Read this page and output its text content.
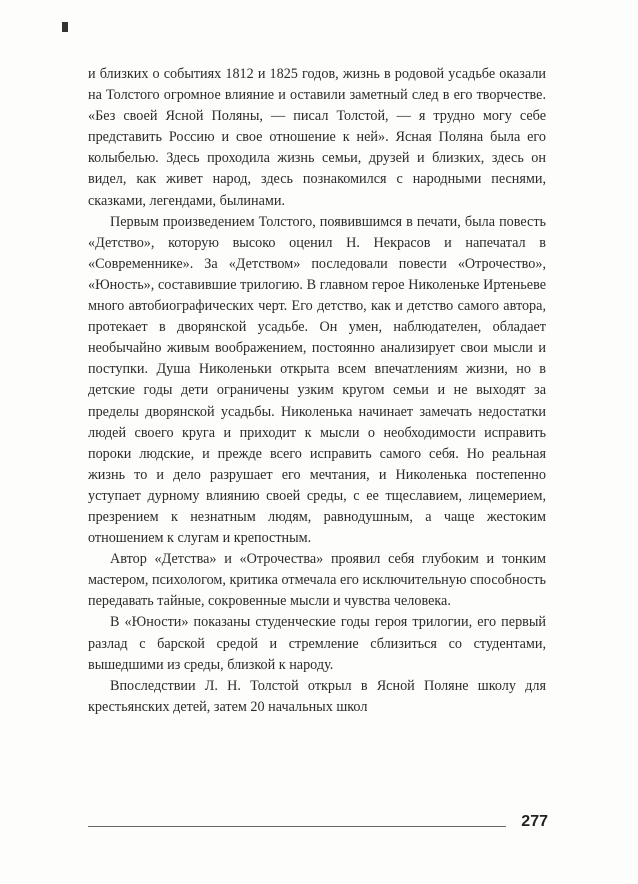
и близких о событиях 1812 и 1825 годов, жизнь в родовой усадьбе оказали на Толстого огромное влияние и оставили заметный след в его творчестве. «Без своей Ясной Поляны, — писал Толстой, — я трудно могу себе представить Россию и свое отношение к ней». Ясная Поляна была его колыбелью. Здесь проходила жизнь семьи, друзей и близких, здесь он видел, как живет народ, здесь познакомился с народными песнями, сказками, легендами, былинами.

Первым произведением Толстого, появившимся в печати, была повесть «Детство», которую высоко оценил Н. Некрасов и напечатал в «Современнике». За «Детством» последовали повести «Отрочество», «Юность», составившие трилогию. В главном герое Николеньке Иртеньеве много автобиографических черт. Его детство, как и детство самого автора, протекает в дворянской усадьбе. Он умен, наблюдателен, обладает необычайно живым воображением, постоянно анализирует свои мысли и поступки. Душа Николеньки открыта всем впечатлениям жизни, но в детские годы дети ограничены узким кругом семьи и не выходят за пределы дворянской усадьбы. Николенька начинает замечать недостатки людей своего круга и приходит к мысли о необходимости исправить пороки людские, и прежде всего исправить самого себя. Но реальная жизнь то и дело разрушает его мечтания, и Николенька постепенно уступает дурному влиянию своей среды, с ее тщеславием, лицемерием, презрением к незнатным людям, равнодушным, а чаще жестоким отношением к слугам и крепостным.

Автор «Детства» и «Отрочества» проявил себя глубоким и тонким мастером, психологом, критика отмечала его исключительную способность передавать тайные, сокровенные мысли и чувства человека.

В «Юности» показаны студенческие годы героя трилогии, его первый разлад с барской средой и стремление сблизиться со студентами, вышедшими из среды, близкой к народу.

Впоследствии Л. Н. Толстой открыл в Ясной Поляне школу для крестьянских детей, затем 20 начальных школ

277
